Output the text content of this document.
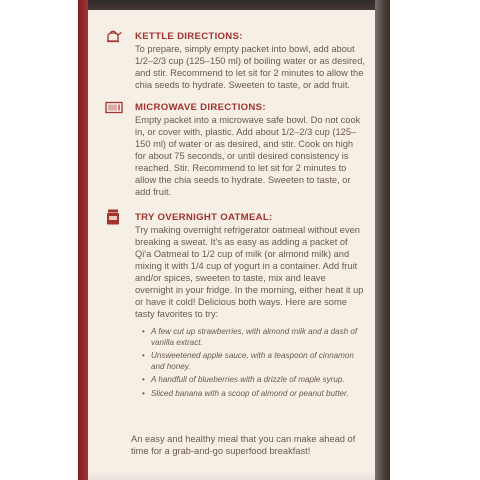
KETTLE DIRECTIONS:

To prepare, simply empty packet into bowl, add about 1/2–2/3 cup (125–150 ml) of boiling water or as desired, and stir. Recommend to let sit for 2 minutes to allow the chia seeds to hydrate. Sweeten to taste, or add fruit.

MICROWAVE DIRECTIONS:

Empty packet into a microwave safe bowl. Do not cook in, or cover with, plastic. Add about 1/2–2/3 cup (125–150 ml) of water or as desired, and stir. Cook on high for about 75 seconds, or until desired consistency is reached. Stir. Recommend to let sit for 2 minutes to allow the chia seeds to hydrate. Sweeten to taste, or add fruit.

TRY OVERNIGHT OATMEAL:

Try making overnight refrigerator oatmeal without even breaking a sweat. It's as easy as adding a packet of Qi'a Oatmeal to 1/2 cup of milk (or almond milk) and mixing it with 1/4 cup of yogurt in a container. Add fruit and/or spices, sweeten to taste, mix and leave overnight in your fridge. In the morning, either heat it up or have it cold! Delicious both ways. Here are some tasty favorites to try:

• A few cut up strawberries, with almond milk and a dash of vanilla extract.
• Unsweetened apple sauce, with a teaspoon of cinnamon and honey.
• A handfull of blueberries with a drizzle of maple syrup.
• Sliced banana with a scoop of almond or peanut butter.

An easy and healthy meal that you can make ahead of time for a grab-and-go superfood breakfast!
